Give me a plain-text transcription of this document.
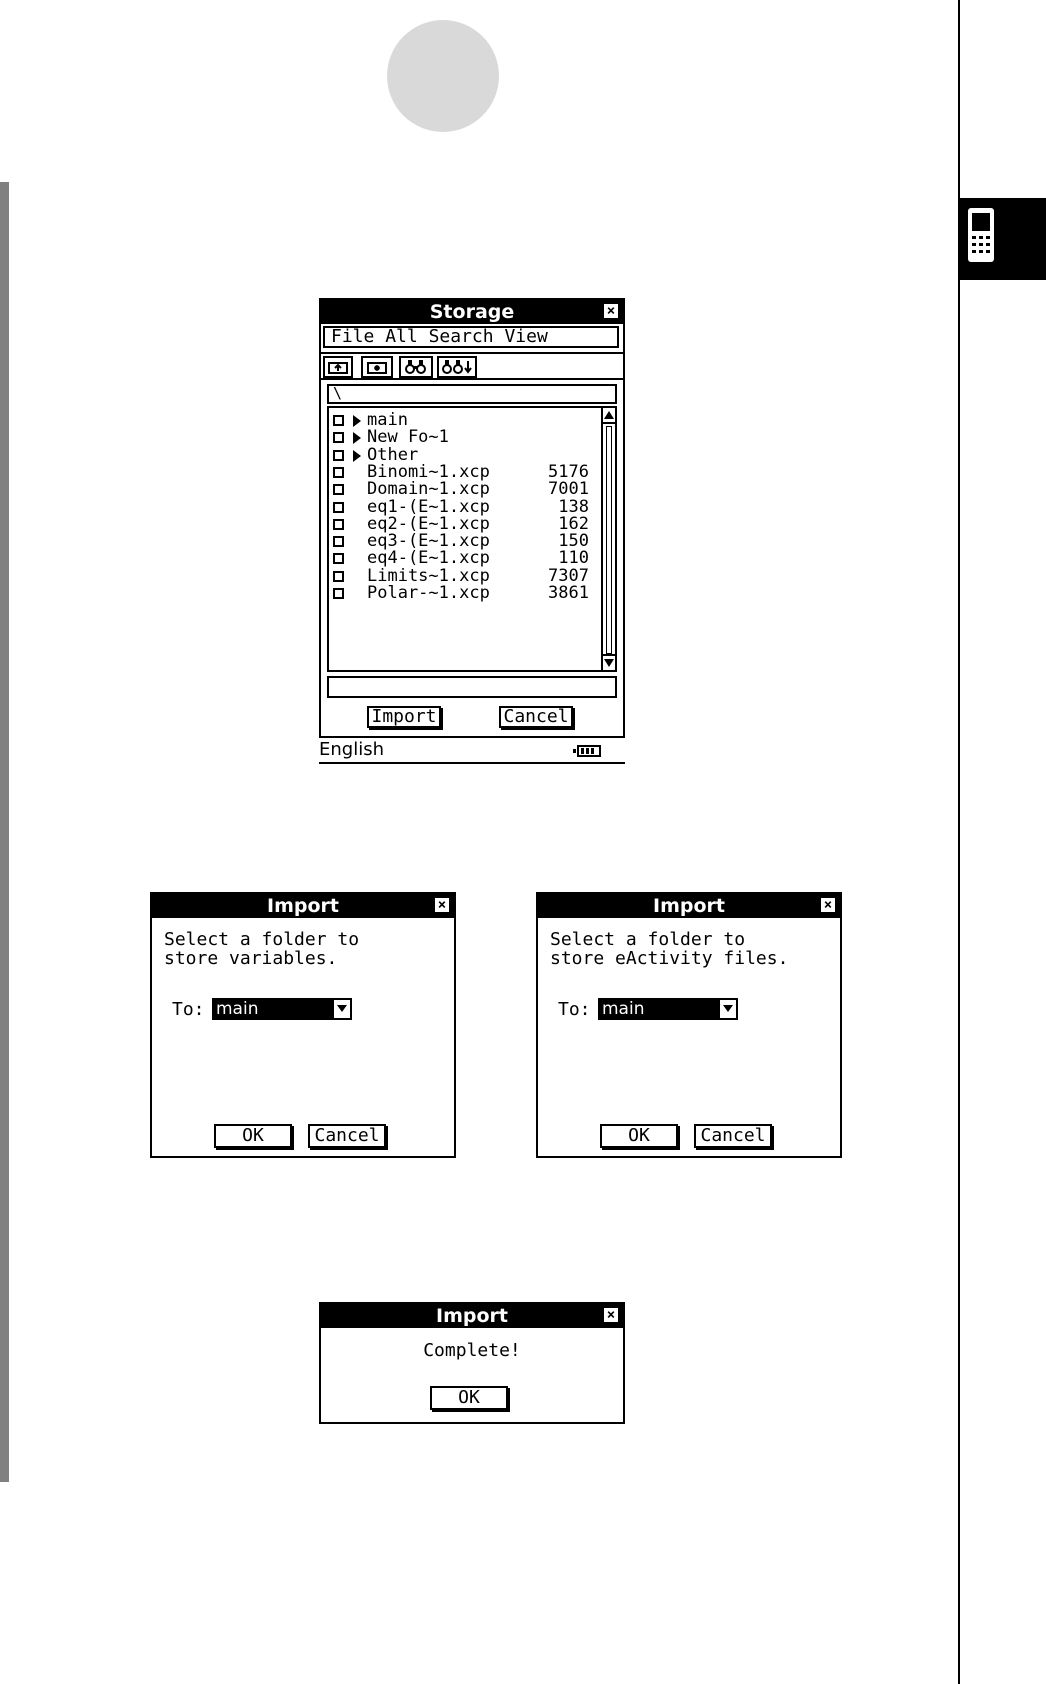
Storage	×
File All Search View
\
main
New Fo~1
Other
Binomi~1.xcp	5176
Domain~1.xcp	7001
eq1-(E~1.xcp	138
eq2-(E~1.xcp	162
eq3-(E~1.xcp	150
eq4-(E~1.xcp	110
Limits~1.xcp	7307
Polar-~1.xcp	3861
Import	Cancel
English
Import	×
Select a folder to
store variables.
To: main
OK	Cancel
Import	×
Select a folder to
store eActivity files.
To: main
OK	Cancel
Import	×
Complete!
OK
